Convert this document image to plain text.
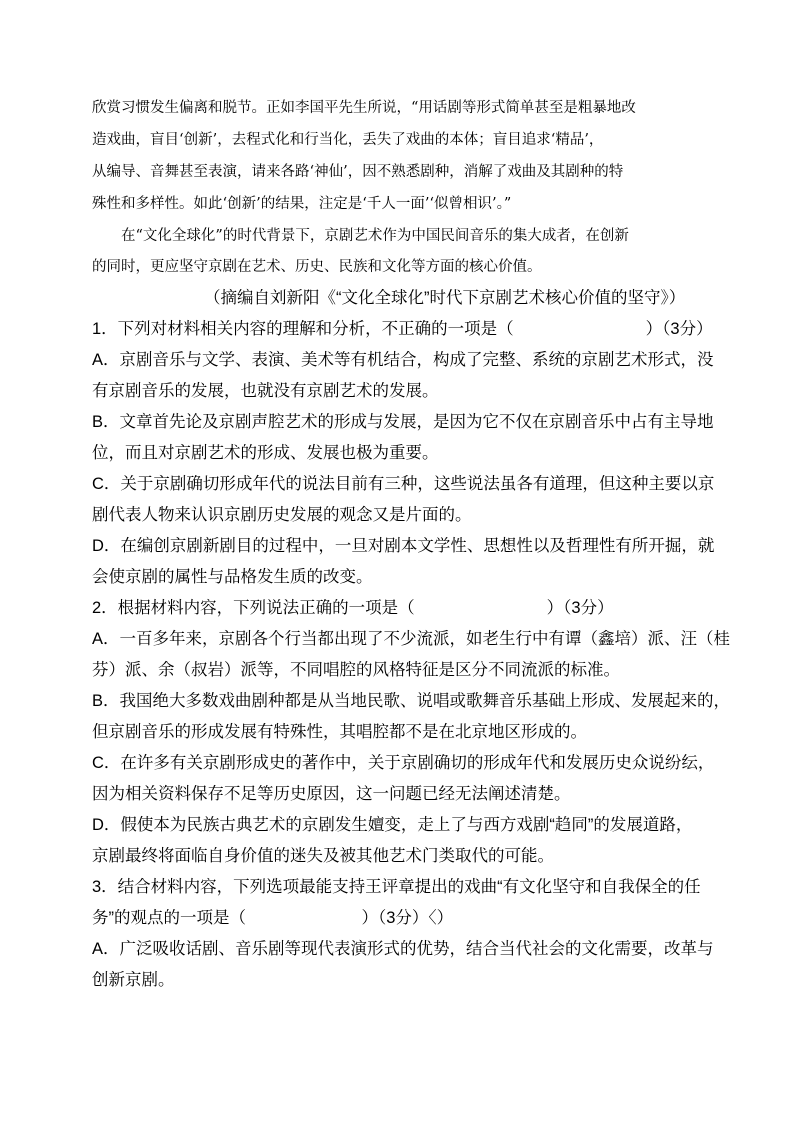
欣赏习惯发生偏离和脱节。正如李国平先生所说，“用话剧等形式简单甚至是粗暴地改
造戏曲，盲目‘创新’，去程式化和行当化，丢失了戏曲的本体；盲目追求‘精品’，
从编导、音舞甚至表演，请来各路‘神仙’，因不熟悉剧种，消解了戏曲及其剧种的特
殊性和多样性。如此‘创新’的结果，注定是‘千人一面’‘似曾相识’。”
在“文化全球化”的时代背景下，京剧艺术作为中国民间音乐的集大成者，在创新
的同时，更应坚守京剧在艺术、历史、民族和文化等方面的核心价值。
（摘编自刘新阳《“文化全球化”时代下京剧艺术核心价值的坚守》）
1．下列对材料相关内容的理解和分析，不正确的一项是（　　　　　　　　）（3分）
A．京剧音乐与文学、表演、美术等有机结合，构成了完整、系统的京剧艺术形式，没
有京剧音乐的发展，也就没有京剧艺术的发展。
B．文章首先论及京剧声腔艺术的形成与发展，是因为它不仅在京剧音乐中占有主导地
位，而且对京剧艺术的形成、发展也极为重要。
C．关于京剧确切形成年代的说法目前有三种，这些说法虽各有道理，但这种主要以京
剧代表人物来认识京剧历史发展的观念又是片面的。
D．在编创京剧新剧目的过程中，一旦对剧本文学性、思想性以及哲理性有所开掘，就
会使京剧的属性与品格发生质的改变。
2．根据材料内容，下列说法正确的一项是（　　　　　　　　）（3分）
A．一百多年来，京剧各个行当都出现了不少流派，如老生行中有谭（鑫培）派、汪（桂
芬）派、余（叔岩）派等，不同唱腔的风格特征是区分不同流派的标准。
B．我国绝大多数戏曲剧种都是从当地民歌、说唱或歌舞音乐基础上形成、发展起来的，
但京剧音乐的形成发展有特殊性，其唱腔都不是在北京地区形成的。
C．在许多有关京剧形成史的著作中，关于京剧确切的形成年代和发展历史众说纷纭，
因为相关资料保存不足等历史原因，这一问题已经无法阐述清楚。
D．假使本为民族古典艺术的京剧发生嬗变，走上了与西方戏剧“趋同”的发展道路，
京剧最终将面临自身价值的迷失及被其他艺术门类取代的可能。
3．结合材料内容，下列选项最能支持王评章提出的戏曲“有文化坚守和自我保全的任
务”的观点的一项是（　　　　　　　）（3分）〈）
A．广泛吸收话剧、音乐剧等现代表演形式的优势，结合当代社会的文化需要，改革与
创新京剧。
